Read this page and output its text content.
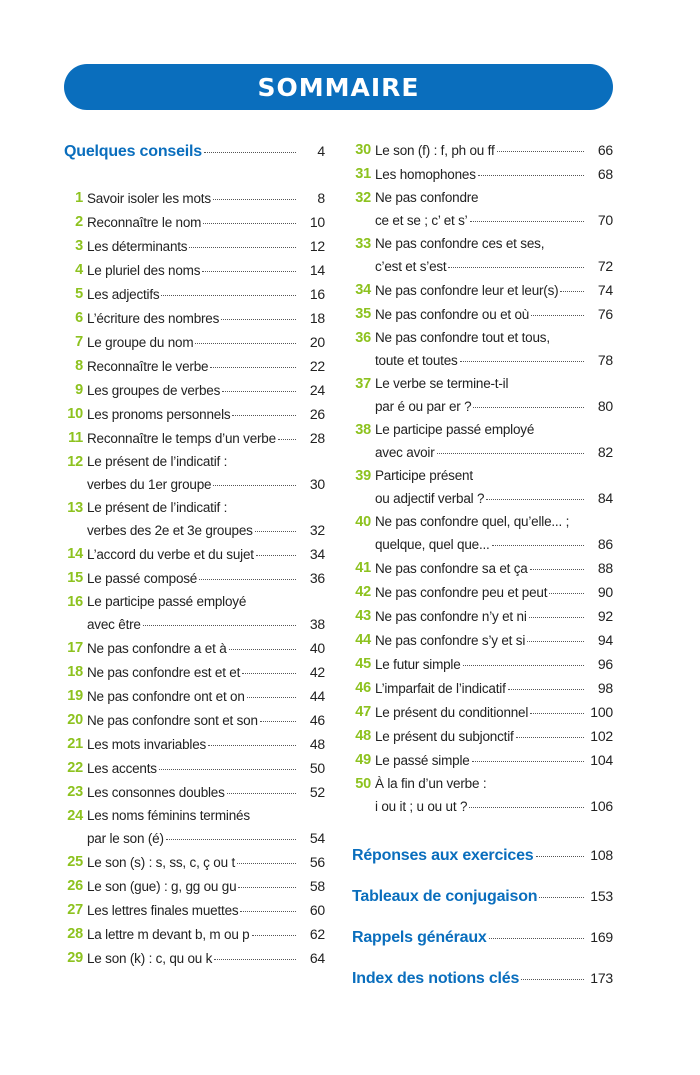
SOMMAIRE
Quelques conseils	4
1 Savoir isoler les mots	8
2 Reconnaître le nom	10
3 Les déterminants	12
4 Le pluriel des noms	14
5 Les adjectifs	16
6 L’écriture des nombres	18
7 Le groupe du nom	20
8 Reconnaître le verbe	22
9 Les groupes de verbes	24
10 Les pronoms personnels	26
11 Reconnaître le temps d’un verbe	28
12 Le présent de l’indicatif :
verbes du 1er groupe	30
13 Le présent de l’indicatif :
verbes des 2e et 3e groupes	32
14 L’accord du verbe et du sujet	34
15 Le passé composé	36
16 Le participe passé employé
avec être	38
17 Ne pas confondre a et à	40
18 Ne pas confondre est et et	42
19 Ne pas confondre ont et on	44
20 Ne pas confondre sont et son	46
21 Les mots invariables	48
22 Les accents	50
23 Les consonnes doubles	52
24 Les noms féminins terminés
par le son (é)	54
25 Le son (s) : s, ss, c, ç ou t	56
26 Le son (gue) : g, gg ou gu	58
27 Les lettres finales muettes	60
28 La lettre m devant b, m ou p	62
29 Le son (k) : c, qu ou k	64
30 Le son (f) : f, ph ou ff	66
31 Les homophones	68
32 Ne pas confondre
ce et se ; c’ et s’	70
33 Ne pas confondre ces et ses,
c’est et s’est	72
34 Ne pas confondre leur et leur(s)	74
35 Ne pas confondre ou et où	76
36 Ne pas confondre tout et tous,
toute et toutes	78
37 Le verbe se termine-t-il
par é ou par er ?	80
38 Le participe passé employé
avec avoir	82
39 Participe présent
ou adjectif verbal ?	84
40 Ne pas confondre quel, qu’elle... ;
quelque, quel que...	86
41 Ne pas confondre sa et ça	88
42 Ne pas confondre peu et peut	90
43 Ne pas confondre n’y et ni	92
44 Ne pas confondre s’y et si	94
45 Le futur simple	96
46 L’imparfait de l’indicatif	98
47 Le présent du conditionnel	100
48 Le présent du subjonctif	102
49 Le passé simple	104
50 À la fin d’un verbe :
i ou it ; u ou ut ?	106
Réponses aux exercices	108
Tableaux de conjugaison	153
Rappels généraux	169
Index des notions clés	173
